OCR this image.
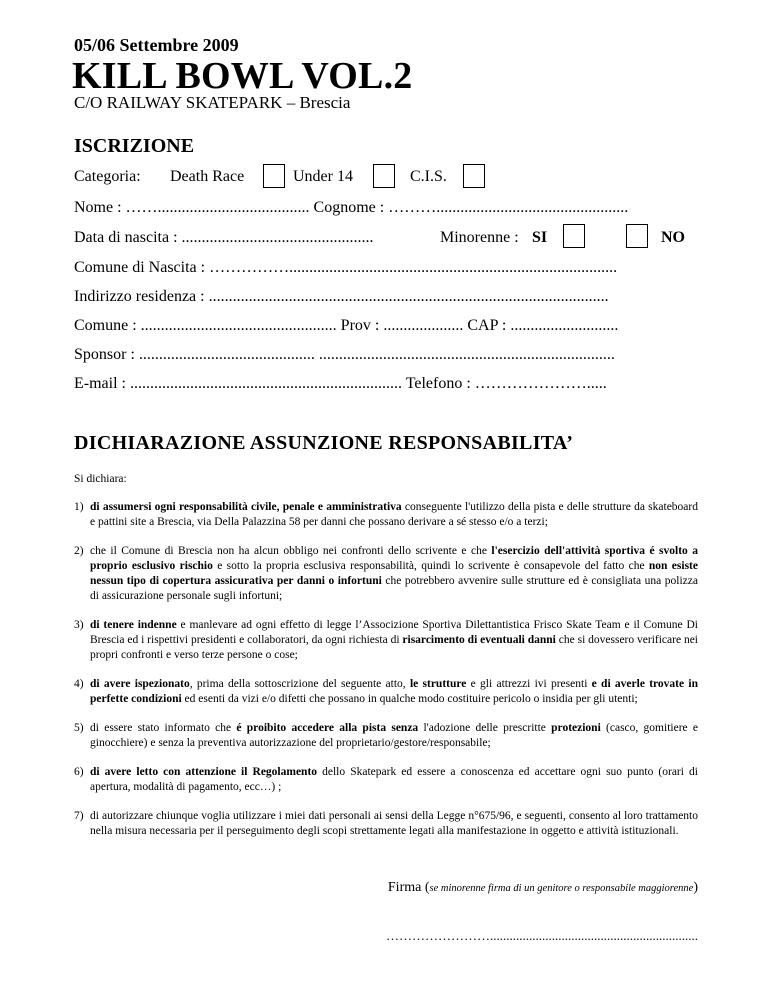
05/06 Settembre 2009
KILL BOWL VOL.2
C/O RAILWAY SKATEPARK – Brescia
ISCRIZIONE
Categoria: Death Race	Under 14	C.I.S.
Nome : ……...................................... Cognome : ………................................................
Data di nascita : ................................................	Minorenne : SI	NO
Comune di Nascita : ……………..................................................................................
Indirizzo residenza : ....................................................................................................
Comune : ................................................. Prov : .................... CAP : ...........................
Sponsor : ............................................ ..........................................................................
E-mail : .................................................................... Telefono : ………………….....
DICHIARAZIONE ASSUNZIONE RESPONSABILITA’
Si dichiara:
1) di assumersi ogni responsabilità civile, penale e amministrativa conseguente l'utilizzo della pista e delle strutture da skateboard e pattini site a Brescia, via Della Palazzina 58 per danni che possano derivare a sé stesso e/o a terzi;
2) che il Comune di Brescia non ha alcun obbligo nei confronti dello scrivente e che l'esercizio dell'attività sportiva é svolto a proprio esclusivo rischio e sotto la propria esclusiva responsabilità, quindi lo scrivente è consapevole del fatto che non esiste nessun tipo di copertura assicurativa per danni o infortuni che potrebbero avvenire sulle strutture ed è consigliata una polizza di assicurazione personale sugli infortuni;
3) di tenere indenne e manlevare ad ogni effetto di legge l’Associzione Sportiva Dilettantistica Frisco Skate Team e il Comune Di Brescia ed i rispettivi presidenti e collaboratori, da ogni richiesta di risarcimento di eventuali danni che si dovessero verificare nei propri confronti e verso terze persone o cose;
4) di avere ispezionato, prima della sottoscrizione del seguente atto, le strutture e gli attrezzi ivi presenti e di averle trovate in perfette condizioni ed esenti da vizi e/o difetti che possano in qualche modo costituire pericolo o insidia per gli utenti;
5) di essere stato informato che é proibito accedere alla pista senza l'adozione delle prescritte protezioni (casco, gomitiere e ginocchiere) e senza la preventiva autorizzazione del proprietario/gestore/responsabile;
6) di avere letto con attenzione il Regolamento dello Skatepark ed essere a conoscenza ed accettare ogni suo punto (orari di apertura, modalità di pagamento, ecc…) ;
7) di autorizzare chiunque voglia utilizzare i miei dati personali ai sensi della Legge n°675/96, e seguenti, consento al loro trattamento nella misura necessaria per il perseguimento degli scopi strettamente legati alla manifestazione in oggetto e attività istituzionali.
Firma (se minorenne firma di un genitore o responsabile maggiorenne)
……………………................................................................
